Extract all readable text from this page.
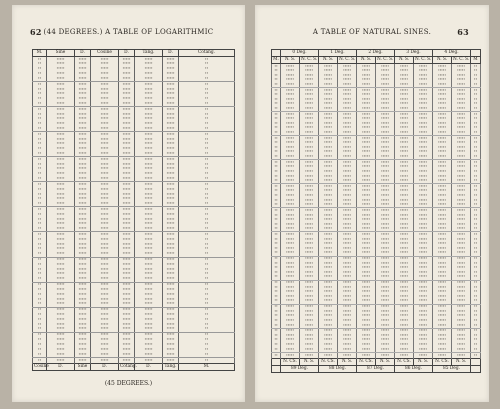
62 (44 DEGREES.) A TABLE OF LOGARITHMIC
M.	Sine	D.	Cosine	D.	Tang.	D.	Cotang.
∙∙	∙∙∙∙∙	∙∙∙∙∙	∙∙∙∙∙	∙∙∙∙∙	∙∙∙∙∙	∙∙∙∙∙	∙∙
∙∙	∙∙∙∙∙	∙∙∙∙∙	∙∙∙∙∙	∙∙∙∙∙	∙∙∙∙∙	∙∙∙∙∙	∙∙
∙∙	∙∙∙∙∙	∙∙∙∙∙	∙∙∙∙∙	∙∙∙∙∙	∙∙∙∙∙	∙∙∙∙∙	∙∙
∙∙	∙∙∙∙∙	∙∙∙∙∙	∙∙∙∙∙	∙∙∙∙∙	∙∙∙∙∙	∙∙∙∙∙	∙∙
∙∙	∙∙∙∙∙	∙∙∙∙∙	∙∙∙∙∙	∙∙∙∙∙	∙∙∙∙∙	∙∙∙∙∙	∙∙
∙∙	∙∙∙∙∙	∙∙∙∙∙	∙∙∙∙∙	∙∙∙∙∙	∙∙∙∙∙	∙∙∙∙∙	∙∙
∙∙	∙∙∙∙∙	∙∙∙∙∙	∙∙∙∙∙	∙∙∙∙∙	∙∙∙∙∙	∙∙∙∙∙	∙∙
∙∙	∙∙∙∙∙	∙∙∙∙∙	∙∙∙∙∙	∙∙∙∙∙	∙∙∙∙∙	∙∙∙∙∙	∙∙
∙∙	∙∙∙∙∙	∙∙∙∙∙	∙∙∙∙∙	∙∙∙∙∙	∙∙∙∙∙	∙∙∙∙∙	∙∙
∙∙	∙∙∙∙∙	∙∙∙∙∙	∙∙∙∙∙	∙∙∙∙∙	∙∙∙∙∙	∙∙∙∙∙	∙∙
∙∙	∙∙∙∙∙	∙∙∙∙∙	∙∙∙∙∙	∙∙∙∙∙	∙∙∙∙∙	∙∙∙∙∙	∙∙
∙∙	∙∙∙∙∙	∙∙∙∙∙	∙∙∙∙∙	∙∙∙∙∙	∙∙∙∙∙	∙∙∙∙∙	∙∙
∙∙	∙∙∙∙∙	∙∙∙∙∙	∙∙∙∙∙	∙∙∙∙∙	∙∙∙∙∙	∙∙∙∙∙	∙∙
∙∙	∙∙∙∙∙	∙∙∙∙∙	∙∙∙∙∙	∙∙∙∙∙	∙∙∙∙∙	∙∙∙∙∙	∙∙
∙∙	∙∙∙∙∙	∙∙∙∙∙	∙∙∙∙∙	∙∙∙∙∙	∙∙∙∙∙	∙∙∙∙∙	∙∙
∙∙	∙∙∙∙∙	∙∙∙∙∙	∙∙∙∙∙	∙∙∙∙∙	∙∙∙∙∙	∙∙∙∙∙	∙∙
∙∙	∙∙∙∙∙	∙∙∙∙∙	∙∙∙∙∙	∙∙∙∙∙	∙∙∙∙∙	∙∙∙∙∙	∙∙
∙∙	∙∙∙∙∙	∙∙∙∙∙	∙∙∙∙∙	∙∙∙∙∙	∙∙∙∙∙	∙∙∙∙∙	∙∙
∙∙	∙∙∙∙∙	∙∙∙∙∙	∙∙∙∙∙	∙∙∙∙∙	∙∙∙∙∙	∙∙∙∙∙	∙∙
∙∙	∙∙∙∙∙	∙∙∙∙∙	∙∙∙∙∙	∙∙∙∙∙	∙∙∙∙∙	∙∙∙∙∙	∙∙
∙∙	∙∙∙∙∙	∙∙∙∙∙	∙∙∙∙∙	∙∙∙∙∙	∙∙∙∙∙	∙∙∙∙∙	∙∙
∙∙	∙∙∙∙∙	∙∙∙∙∙	∙∙∙∙∙	∙∙∙∙∙	∙∙∙∙∙	∙∙∙∙∙	∙∙
∙∙	∙∙∙∙∙	∙∙∙∙∙	∙∙∙∙∙	∙∙∙∙∙	∙∙∙∙∙	∙∙∙∙∙	∙∙
∙∙	∙∙∙∙∙	∙∙∙∙∙	∙∙∙∙∙	∙∙∙∙∙	∙∙∙∙∙	∙∙∙∙∙	∙∙
∙∙	∙∙∙∙∙	∙∙∙∙∙	∙∙∙∙∙	∙∙∙∙∙	∙∙∙∙∙	∙∙∙∙∙	∙∙
∙∙	∙∙∙∙∙	∙∙∙∙∙	∙∙∙∙∙	∙∙∙∙∙	∙∙∙∙∙	∙∙∙∙∙	∙∙
∙∙	∙∙∙∙∙	∙∙∙∙∙	∙∙∙∙∙	∙∙∙∙∙	∙∙∙∙∙	∙∙∙∙∙	∙∙
∙∙	∙∙∙∙∙	∙∙∙∙∙	∙∙∙∙∙	∙∙∙∙∙	∙∙∙∙∙	∙∙∙∙∙	∙∙
∙∙	∙∙∙∙∙	∙∙∙∙∙	∙∙∙∙∙	∙∙∙∙∙	∙∙∙∙∙	∙∙∙∙∙	∙∙
∙∙	∙∙∙∙∙	∙∙∙∙∙	∙∙∙∙∙	∙∙∙∙∙	∙∙∙∙∙	∙∙∙∙∙	∙∙
∙∙	∙∙∙∙∙	∙∙∙∙∙	∙∙∙∙∙	∙∙∙∙∙	∙∙∙∙∙	∙∙∙∙∙	∙∙
∙∙	∙∙∙∙∙	∙∙∙∙∙	∙∙∙∙∙	∙∙∙∙∙	∙∙∙∙∙	∙∙∙∙∙	∙∙
∙∙	∙∙∙∙∙	∙∙∙∙∙	∙∙∙∙∙	∙∙∙∙∙	∙∙∙∙∙	∙∙∙∙∙	∙∙
∙∙	∙∙∙∙∙	∙∙∙∙∙	∙∙∙∙∙	∙∙∙∙∙	∙∙∙∙∙	∙∙∙∙∙	∙∙
∙∙	∙∙∙∙∙	∙∙∙∙∙	∙∙∙∙∙	∙∙∙∙∙	∙∙∙∙∙	∙∙∙∙∙	∙∙
∙∙	∙∙∙∙∙	∙∙∙∙∙	∙∙∙∙∙	∙∙∙∙∙	∙∙∙∙∙	∙∙∙∙∙	∙∙
∙∙	∙∙∙∙∙	∙∙∙∙∙	∙∙∙∙∙	∙∙∙∙∙	∙∙∙∙∙	∙∙∙∙∙	∙∙
∙∙	∙∙∙∙∙	∙∙∙∙∙	∙∙∙∙∙	∙∙∙∙∙	∙∙∙∙∙	∙∙∙∙∙	∙∙
∙∙	∙∙∙∙∙	∙∙∙∙∙	∙∙∙∙∙	∙∙∙∙∙	∙∙∙∙∙	∙∙∙∙∙	∙∙
∙∙	∙∙∙∙∙	∙∙∙∙∙	∙∙∙∙∙	∙∙∙∙∙	∙∙∙∙∙	∙∙∙∙∙	∙∙
∙∙	∙∙∙∙∙	∙∙∙∙∙	∙∙∙∙∙	∙∙∙∙∙	∙∙∙∙∙	∙∙∙∙∙	∙∙
∙∙	∙∙∙∙∙	∙∙∙∙∙	∙∙∙∙∙	∙∙∙∙∙	∙∙∙∙∙	∙∙∙∙∙	∙∙
∙∙	∙∙∙∙∙	∙∙∙∙∙	∙∙∙∙∙	∙∙∙∙∙	∙∙∙∙∙	∙∙∙∙∙	∙∙
∙∙	∙∙∙∙∙	∙∙∙∙∙	∙∙∙∙∙	∙∙∙∙∙	∙∙∙∙∙	∙∙∙∙∙	∙∙
∙∙	∙∙∙∙∙	∙∙∙∙∙	∙∙∙∙∙	∙∙∙∙∙	∙∙∙∙∙	∙∙∙∙∙	∙∙
∙∙	∙∙∙∙∙	∙∙∙∙∙	∙∙∙∙∙	∙∙∙∙∙	∙∙∙∙∙	∙∙∙∙∙	∙∙
∙∙	∙∙∙∙∙	∙∙∙∙∙	∙∙∙∙∙	∙∙∙∙∙	∙∙∙∙∙	∙∙∙∙∙	∙∙
∙∙	∙∙∙∙∙	∙∙∙∙∙	∙∙∙∙∙	∙∙∙∙∙	∙∙∙∙∙	∙∙∙∙∙	∙∙
∙∙	∙∙∙∙∙	∙∙∙∙∙	∙∙∙∙∙	∙∙∙∙∙	∙∙∙∙∙	∙∙∙∙∙	∙∙
∙∙	∙∙∙∙∙	∙∙∙∙∙	∙∙∙∙∙	∙∙∙∙∙	∙∙∙∙∙	∙∙∙∙∙	∙∙
∙∙	∙∙∙∙∙	∙∙∙∙∙	∙∙∙∙∙	∙∙∙∙∙	∙∙∙∙∙	∙∙∙∙∙	∙∙
∙∙	∙∙∙∙∙	∙∙∙∙∙	∙∙∙∙∙	∙∙∙∙∙	∙∙∙∙∙	∙∙∙∙∙	∙∙
∙∙	∙∙∙∙∙	∙∙∙∙∙	∙∙∙∙∙	∙∙∙∙∙	∙∙∙∙∙	∙∙∙∙∙	∙∙
∙∙	∙∙∙∙∙	∙∙∙∙∙	∙∙∙∙∙	∙∙∙∙∙	∙∙∙∙∙	∙∙∙∙∙	∙∙
∙∙	∙∙∙∙∙	∙∙∙∙∙	∙∙∙∙∙	∙∙∙∙∙	∙∙∙∙∙	∙∙∙∙∙	∙∙
∙∙	∙∙∙∙∙	∙∙∙∙∙	∙∙∙∙∙	∙∙∙∙∙	∙∙∙∙∙	∙∙∙∙∙	∙∙
∙∙	∙∙∙∙∙	∙∙∙∙∙	∙∙∙∙∙	∙∙∙∙∙	∙∙∙∙∙	∙∙∙∙∙	∙∙
∙∙	∙∙∙∙∙	∙∙∙∙∙	∙∙∙∙∙	∙∙∙∙∙	∙∙∙∙∙	∙∙∙∙∙	∙∙
∙∙	∙∙∙∙∙	∙∙∙∙∙	∙∙∙∙∙	∙∙∙∙∙	∙∙∙∙∙	∙∙∙∙∙	∙∙
∙∙	∙∙∙∙∙	∙∙∙∙∙	∙∙∙∙∙	∙∙∙∙∙	∙∙∙∙∙	∙∙∙∙∙	∙∙
∙∙	∙∙∙∙∙	∙∙∙∙∙	∙∙∙∙∙	∙∙∙∙∙	∙∙∙∙∙	∙∙∙∙∙	∙∙
Cosine	D.	Sine	D.	Cotang.	D.	Tang.	M.
(45 DEGREES.)
A TABLE OF NATURAL SINES.	63
	0 Deg.		1 Deg.		2 Deg.		3 Deg.		4 Deg.		
M.	N. S.	N. C. S.	N. S.	N. C. S.	N. S.	N. C. S.	N. S.	N. C. S.	N. S.	N. C. S.	M
∙∙	∙∙∙∙∙	∙∙∙∙∙	∙∙∙∙∙	∙∙∙∙∙	∙∙∙∙∙	∙∙∙∙∙	∙∙∙∙∙	∙∙∙∙∙	∙∙∙∙∙	∙∙∙∙∙	∙∙
∙∙	∙∙∙∙∙	∙∙∙∙∙	∙∙∙∙∙	∙∙∙∙∙	∙∙∙∙∙	∙∙∙∙∙	∙∙∙∙∙	∙∙∙∙∙	∙∙∙∙∙	∙∙∙∙∙	∙∙
∙∙	∙∙∙∙∙	∙∙∙∙∙	∙∙∙∙∙	∙∙∙∙∙	∙∙∙∙∙	∙∙∙∙∙	∙∙∙∙∙	∙∙∙∙∙	∙∙∙∙∙	∙∙∙∙∙	∙∙
∙∙	∙∙∙∙∙	∙∙∙∙∙	∙∙∙∙∙	∙∙∙∙∙	∙∙∙∙∙	∙∙∙∙∙	∙∙∙∙∙	∙∙∙∙∙	∙∙∙∙∙	∙∙∙∙∙	∙∙
∙∙	∙∙∙∙∙	∙∙∙∙∙	∙∙∙∙∙	∙∙∙∙∙	∙∙∙∙∙	∙∙∙∙∙	∙∙∙∙∙	∙∙∙∙∙	∙∙∙∙∙	∙∙∙∙∙	∙∙
∙∙	∙∙∙∙∙	∙∙∙∙∙	∙∙∙∙∙	∙∙∙∙∙	∙∙∙∙∙	∙∙∙∙∙	∙∙∙∙∙	∙∙∙∙∙	∙∙∙∙∙	∙∙∙∙∙	∙∙
∙∙	∙∙∙∙∙	∙∙∙∙∙	∙∙∙∙∙	∙∙∙∙∙	∙∙∙∙∙	∙∙∙∙∙	∙∙∙∙∙	∙∙∙∙∙	∙∙∙∙∙	∙∙∙∙∙	∙∙
∙∙	∙∙∙∙∙	∙∙∙∙∙	∙∙∙∙∙	∙∙∙∙∙	∙∙∙∙∙	∙∙∙∙∙	∙∙∙∙∙	∙∙∙∙∙	∙∙∙∙∙	∙∙∙∙∙	∙∙
∙∙	∙∙∙∙∙	∙∙∙∙∙	∙∙∙∙∙	∙∙∙∙∙	∙∙∙∙∙	∙∙∙∙∙	∙∙∙∙∙	∙∙∙∙∙	∙∙∙∙∙	∙∙∙∙∙	∙∙
∙∙	∙∙∙∙∙	∙∙∙∙∙	∙∙∙∙∙	∙∙∙∙∙	∙∙∙∙∙	∙∙∙∙∙	∙∙∙∙∙	∙∙∙∙∙	∙∙∙∙∙	∙∙∙∙∙	∙∙
∙∙	∙∙∙∙∙	∙∙∙∙∙	∙∙∙∙∙	∙∙∙∙∙	∙∙∙∙∙	∙∙∙∙∙	∙∙∙∙∙	∙∙∙∙∙	∙∙∙∙∙	∙∙∙∙∙	∙∙
∙∙	∙∙∙∙∙	∙∙∙∙∙	∙∙∙∙∙	∙∙∙∙∙	∙∙∙∙∙	∙∙∙∙∙	∙∙∙∙∙	∙∙∙∙∙	∙∙∙∙∙	∙∙∙∙∙	∙∙
∙∙	∙∙∙∙∙	∙∙∙∙∙	∙∙∙∙∙	∙∙∙∙∙	∙∙∙∙∙	∙∙∙∙∙	∙∙∙∙∙	∙∙∙∙∙	∙∙∙∙∙	∙∙∙∙∙	∙∙
∙∙	∙∙∙∙∙	∙∙∙∙∙	∙∙∙∙∙	∙∙∙∙∙	∙∙∙∙∙	∙∙∙∙∙	∙∙∙∙∙	∙∙∙∙∙	∙∙∙∙∙	∙∙∙∙∙	∙∙
∙∙	∙∙∙∙∙	∙∙∙∙∙	∙∙∙∙∙	∙∙∙∙∙	∙∙∙∙∙	∙∙∙∙∙	∙∙∙∙∙	∙∙∙∙∙	∙∙∙∙∙	∙∙∙∙∙	∙∙
∙∙	∙∙∙∙∙	∙∙∙∙∙	∙∙∙∙∙	∙∙∙∙∙	∙∙∙∙∙	∙∙∙∙∙	∙∙∙∙∙	∙∙∙∙∙	∙∙∙∙∙	∙∙∙∙∙	∙∙
∙∙	∙∙∙∙∙	∙∙∙∙∙	∙∙∙∙∙	∙∙∙∙∙	∙∙∙∙∙	∙∙∙∙∙	∙∙∙∙∙	∙∙∙∙∙	∙∙∙∙∙	∙∙∙∙∙	∙∙
∙∙	∙∙∙∙∙	∙∙∙∙∙	∙∙∙∙∙	∙∙∙∙∙	∙∙∙∙∙	∙∙∙∙∙	∙∙∙∙∙	∙∙∙∙∙	∙∙∙∙∙	∙∙∙∙∙	∙∙
∙∙	∙∙∙∙∙	∙∙∙∙∙	∙∙∙∙∙	∙∙∙∙∙	∙∙∙∙∙	∙∙∙∙∙	∙∙∙∙∙	∙∙∙∙∙	∙∙∙∙∙	∙∙∙∙∙	∙∙
∙∙	∙∙∙∙∙	∙∙∙∙∙	∙∙∙∙∙	∙∙∙∙∙	∙∙∙∙∙	∙∙∙∙∙	∙∙∙∙∙	∙∙∙∙∙	∙∙∙∙∙	∙∙∙∙∙	∙∙
∙∙	∙∙∙∙∙	∙∙∙∙∙	∙∙∙∙∙	∙∙∙∙∙	∙∙∙∙∙	∙∙∙∙∙	∙∙∙∙∙	∙∙∙∙∙	∙∙∙∙∙	∙∙∙∙∙	∙∙
∙∙	∙∙∙∙∙	∙∙∙∙∙	∙∙∙∙∙	∙∙∙∙∙	∙∙∙∙∙	∙∙∙∙∙	∙∙∙∙∙	∙∙∙∙∙	∙∙∙∙∙	∙∙∙∙∙	∙∙
∙∙	∙∙∙∙∙	∙∙∙∙∙	∙∙∙∙∙	∙∙∙∙∙	∙∙∙∙∙	∙∙∙∙∙	∙∙∙∙∙	∙∙∙∙∙	∙∙∙∙∙	∙∙∙∙∙	∙∙
∙∙	∙∙∙∙∙	∙∙∙∙∙	∙∙∙∙∙	∙∙∙∙∙	∙∙∙∙∙	∙∙∙∙∙	∙∙∙∙∙	∙∙∙∙∙	∙∙∙∙∙	∙∙∙∙∙	∙∙
∙∙	∙∙∙∙∙	∙∙∙∙∙	∙∙∙∙∙	∙∙∙∙∙	∙∙∙∙∙	∙∙∙∙∙	∙∙∙∙∙	∙∙∙∙∙	∙∙∙∙∙	∙∙∙∙∙	∙∙
∙∙	∙∙∙∙∙	∙∙∙∙∙	∙∙∙∙∙	∙∙∙∙∙	∙∙∙∙∙	∙∙∙∙∙	∙∙∙∙∙	∙∙∙∙∙	∙∙∙∙∙	∙∙∙∙∙	∙∙
∙∙	∙∙∙∙∙	∙∙∙∙∙	∙∙∙∙∙	∙∙∙∙∙	∙∙∙∙∙	∙∙∙∙∙	∙∙∙∙∙	∙∙∙∙∙	∙∙∙∙∙	∙∙∙∙∙	∙∙
∙∙	∙∙∙∙∙	∙∙∙∙∙	∙∙∙∙∙	∙∙∙∙∙	∙∙∙∙∙	∙∙∙∙∙	∙∙∙∙∙	∙∙∙∙∙	∙∙∙∙∙	∙∙∙∙∙	∙∙
∙∙	∙∙∙∙∙	∙∙∙∙∙	∙∙∙∙∙	∙∙∙∙∙	∙∙∙∙∙	∙∙∙∙∙	∙∙∙∙∙	∙∙∙∙∙	∙∙∙∙∙	∙∙∙∙∙	∙∙
∙∙	∙∙∙∙∙	∙∙∙∙∙	∙∙∙∙∙	∙∙∙∙∙	∙∙∙∙∙	∙∙∙∙∙	∙∙∙∙∙	∙∙∙∙∙	∙∙∙∙∙	∙∙∙∙∙	∙∙
∙∙	∙∙∙∙∙	∙∙∙∙∙	∙∙∙∙∙	∙∙∙∙∙	∙∙∙∙∙	∙∙∙∙∙	∙∙∙∙∙	∙∙∙∙∙	∙∙∙∙∙	∙∙∙∙∙	∙∙
∙∙	∙∙∙∙∙	∙∙∙∙∙	∙∙∙∙∙	∙∙∙∙∙	∙∙∙∙∙	∙∙∙∙∙	∙∙∙∙∙	∙∙∙∙∙	∙∙∙∙∙	∙∙∙∙∙	∙∙
∙∙	∙∙∙∙∙	∙∙∙∙∙	∙∙∙∙∙	∙∙∙∙∙	∙∙∙∙∙	∙∙∙∙∙	∙∙∙∙∙	∙∙∙∙∙	∙∙∙∙∙	∙∙∙∙∙	∙∙
∙∙	∙∙∙∙∙	∙∙∙∙∙	∙∙∙∙∙	∙∙∙∙∙	∙∙∙∙∙	∙∙∙∙∙	∙∙∙∙∙	∙∙∙∙∙	∙∙∙∙∙	∙∙∙∙∙	∙∙
∙∙	∙∙∙∙∙	∙∙∙∙∙	∙∙∙∙∙	∙∙∙∙∙	∙∙∙∙∙	∙∙∙∙∙	∙∙∙∙∙	∙∙∙∙∙	∙∙∙∙∙	∙∙∙∙∙	∙∙
∙∙	∙∙∙∙∙	∙∙∙∙∙	∙∙∙∙∙	∙∙∙∙∙	∙∙∙∙∙	∙∙∙∙∙	∙∙∙∙∙	∙∙∙∙∙	∙∙∙∙∙	∙∙∙∙∙	∙∙
∙∙	∙∙∙∙∙	∙∙∙∙∙	∙∙∙∙∙	∙∙∙∙∙	∙∙∙∙∙	∙∙∙∙∙	∙∙∙∙∙	∙∙∙∙∙	∙∙∙∙∙	∙∙∙∙∙	∙∙
∙∙	∙∙∙∙∙	∙∙∙∙∙	∙∙∙∙∙	∙∙∙∙∙	∙∙∙∙∙	∙∙∙∙∙	∙∙∙∙∙	∙∙∙∙∙	∙∙∙∙∙	∙∙∙∙∙	∙∙
∙∙	∙∙∙∙∙	∙∙∙∙∙	∙∙∙∙∙	∙∙∙∙∙	∙∙∙∙∙	∙∙∙∙∙	∙∙∙∙∙	∙∙∙∙∙	∙∙∙∙∙	∙∙∙∙∙	∙∙
∙∙	∙∙∙∙∙	∙∙∙∙∙	∙∙∙∙∙	∙∙∙∙∙	∙∙∙∙∙	∙∙∙∙∙	∙∙∙∙∙	∙∙∙∙∙	∙∙∙∙∙	∙∙∙∙∙	∙∙
∙∙	∙∙∙∙∙	∙∙∙∙∙	∙∙∙∙∙	∙∙∙∙∙	∙∙∙∙∙	∙∙∙∙∙	∙∙∙∙∙	∙∙∙∙∙	∙∙∙∙∙	∙∙∙∙∙	∙∙
∙∙	∙∙∙∙∙	∙∙∙∙∙	∙∙∙∙∙	∙∙∙∙∙	∙∙∙∙∙	∙∙∙∙∙	∙∙∙∙∙	∙∙∙∙∙	∙∙∙∙∙	∙∙∙∙∙	∙∙
∙∙	∙∙∙∙∙	∙∙∙∙∙	∙∙∙∙∙	∙∙∙∙∙	∙∙∙∙∙	∙∙∙∙∙	∙∙∙∙∙	∙∙∙∙∙	∙∙∙∙∙	∙∙∙∙∙	∙∙
∙∙	∙∙∙∙∙	∙∙∙∙∙	∙∙∙∙∙	∙∙∙∙∙	∙∙∙∙∙	∙∙∙∙∙	∙∙∙∙∙	∙∙∙∙∙	∙∙∙∙∙	∙∙∙∙∙	∙∙
∙∙	∙∙∙∙∙	∙∙∙∙∙	∙∙∙∙∙	∙∙∙∙∙	∙∙∙∙∙	∙∙∙∙∙	∙∙∙∙∙	∙∙∙∙∙	∙∙∙∙∙	∙∙∙∙∙	∙∙
∙∙	∙∙∙∙∙	∙∙∙∙∙	∙∙∙∙∙	∙∙∙∙∙	∙∙∙∙∙	∙∙∙∙∙	∙∙∙∙∙	∙∙∙∙∙	∙∙∙∙∙	∙∙∙∙∙	∙∙
∙∙	∙∙∙∙∙	∙∙∙∙∙	∙∙∙∙∙	∙∙∙∙∙	∙∙∙∙∙	∙∙∙∙∙	∙∙∙∙∙	∙∙∙∙∙	∙∙∙∙∙	∙∙∙∙∙	∙∙
∙∙	∙∙∙∙∙	∙∙∙∙∙	∙∙∙∙∙	∙∙∙∙∙	∙∙∙∙∙	∙∙∙∙∙	∙∙∙∙∙	∙∙∙∙∙	∙∙∙∙∙	∙∙∙∙∙	∙∙
∙∙	∙∙∙∙∙	∙∙∙∙∙	∙∙∙∙∙	∙∙∙∙∙	∙∙∙∙∙	∙∙∙∙∙	∙∙∙∙∙	∙∙∙∙∙	∙∙∙∙∙	∙∙∙∙∙	∙∙
∙∙	∙∙∙∙∙	∙∙∙∙∙	∙∙∙∙∙	∙∙∙∙∙	∙∙∙∙∙	∙∙∙∙∙	∙∙∙∙∙	∙∙∙∙∙	∙∙∙∙∙	∙∙∙∙∙	∙∙
∙∙	∙∙∙∙∙	∙∙∙∙∙	∙∙∙∙∙	∙∙∙∙∙	∙∙∙∙∙	∙∙∙∙∙	∙∙∙∙∙	∙∙∙∙∙	∙∙∙∙∙	∙∙∙∙∙	∙∙
∙∙	∙∙∙∙∙	∙∙∙∙∙	∙∙∙∙∙	∙∙∙∙∙	∙∙∙∙∙	∙∙∙∙∙	∙∙∙∙∙	∙∙∙∙∙	∙∙∙∙∙	∙∙∙∙∙	∙∙
∙∙	∙∙∙∙∙	∙∙∙∙∙	∙∙∙∙∙	∙∙∙∙∙	∙∙∙∙∙	∙∙∙∙∙	∙∙∙∙∙	∙∙∙∙∙	∙∙∙∙∙	∙∙∙∙∙	∙∙
∙∙	∙∙∙∙∙	∙∙∙∙∙	∙∙∙∙∙	∙∙∙∙∙	∙∙∙∙∙	∙∙∙∙∙	∙∙∙∙∙	∙∙∙∙∙	∙∙∙∙∙	∙∙∙∙∙	∙∙
∙∙	∙∙∙∙∙	∙∙∙∙∙	∙∙∙∙∙	∙∙∙∙∙	∙∙∙∙∙	∙∙∙∙∙	∙∙∙∙∙	∙∙∙∙∙	∙∙∙∙∙	∙∙∙∙∙	∙∙
∙∙	∙∙∙∙∙	∙∙∙∙∙	∙∙∙∙∙	∙∙∙∙∙	∙∙∙∙∙	∙∙∙∙∙	∙∙∙∙∙	∙∙∙∙∙	∙∙∙∙∙	∙∙∙∙∙	∙∙
∙∙	∙∙∙∙∙	∙∙∙∙∙	∙∙∙∙∙	∙∙∙∙∙	∙∙∙∙∙	∙∙∙∙∙	∙∙∙∙∙	∙∙∙∙∙	∙∙∙∙∙	∙∙∙∙∙	∙∙
∙∙	∙∙∙∙∙	∙∙∙∙∙	∙∙∙∙∙	∙∙∙∙∙	∙∙∙∙∙	∙∙∙∙∙	∙∙∙∙∙	∙∙∙∙∙	∙∙∙∙∙	∙∙∙∙∙	∙∙
∙∙	∙∙∙∙∙	∙∙∙∙∙	∙∙∙∙∙	∙∙∙∙∙	∙∙∙∙∙	∙∙∙∙∙	∙∙∙∙∙	∙∙∙∙∙	∙∙∙∙∙	∙∙∙∙∙	∙∙
∙∙	∙∙∙∙∙	∙∙∙∙∙	∙∙∙∙∙	∙∙∙∙∙	∙∙∙∙∙	∙∙∙∙∙	∙∙∙∙∙	∙∙∙∙∙	∙∙∙∙∙	∙∙∙∙∙	∙∙
∙∙	∙∙∙∙∙	∙∙∙∙∙	∙∙∙∙∙	∙∙∙∙∙	∙∙∙∙∙	∙∙∙∙∙	∙∙∙∙∙	∙∙∙∙∙	∙∙∙∙∙	∙∙∙∙∙	∙∙
	N. CS.	N. S.	N. CS.	N. S.	N. CS.	N. S.	N. CS.	N. S.	N. CS.	N. S.	
	89 Deg.		88 Deg.		87 Deg.		86 Deg.		85 Deg.		
